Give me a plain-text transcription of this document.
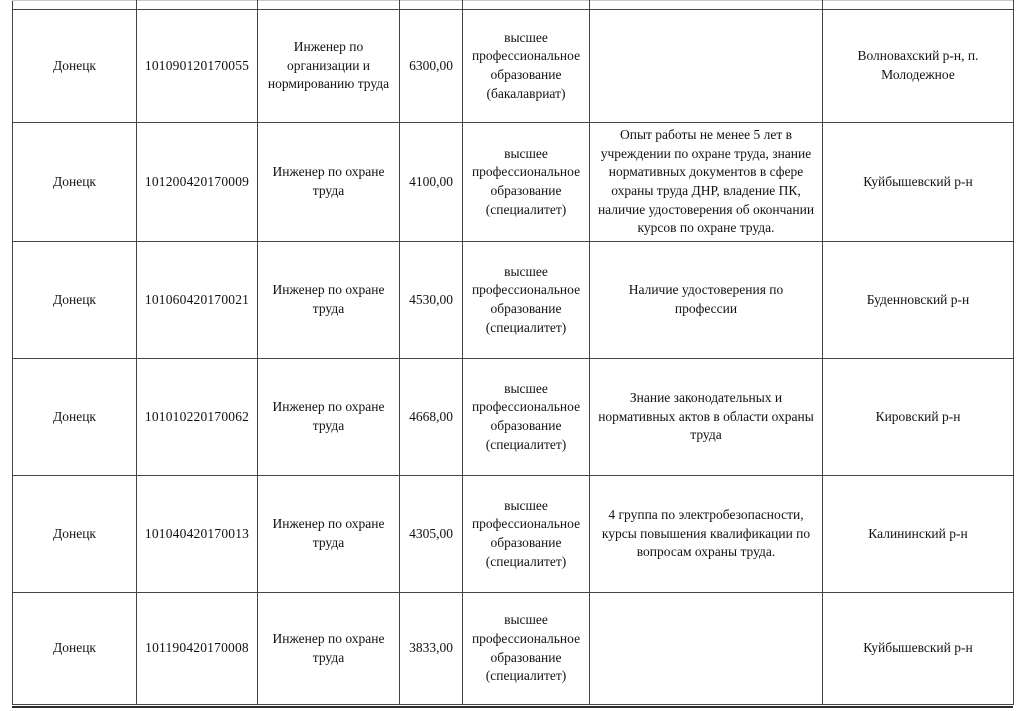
Донецк	101090120170055	Инженер по организации и нормированию труда	6300,00	высшее профессиональное образование (бакалавриат)		Волновахский р-н, п. Молодежное
Донецк	101200420170009	Инженер по охране труда	4100,00	высшее профессиональное образование (специалитет)	Опыт работы не менее 5 лет в учреждении по охране труда, знание нормативных документов в сфере охраны труда ДНР, владение ПК, наличие удостоверения об окончании курсов по охране труда.	Куйбышевский р-н
Донецк	101060420170021	Инженер по охране труда	4530,00	высшее профессиональное образование (специалитет)	Наличие удостоверения по профессии	Буденновский р-н
Донецк	101010220170062	Инженер по охране труда	4668,00	высшее профессиональное образование (специалитет)	Знание законодательных и нормативных актов в области охраны труда	Кировский р-н
Донецк	101040420170013	Инженер по охране труда	4305,00	высшее профессиональное образование (специалитет)	4 группа по электробезопасности, курсы повышения квалификации по вопросам охраны труда.	Калининский р-н
Донецк	101190420170008	Инженер по охране труда	3833,00	высшее профессиональное образование (специалитет)		Куйбышевский р-н
